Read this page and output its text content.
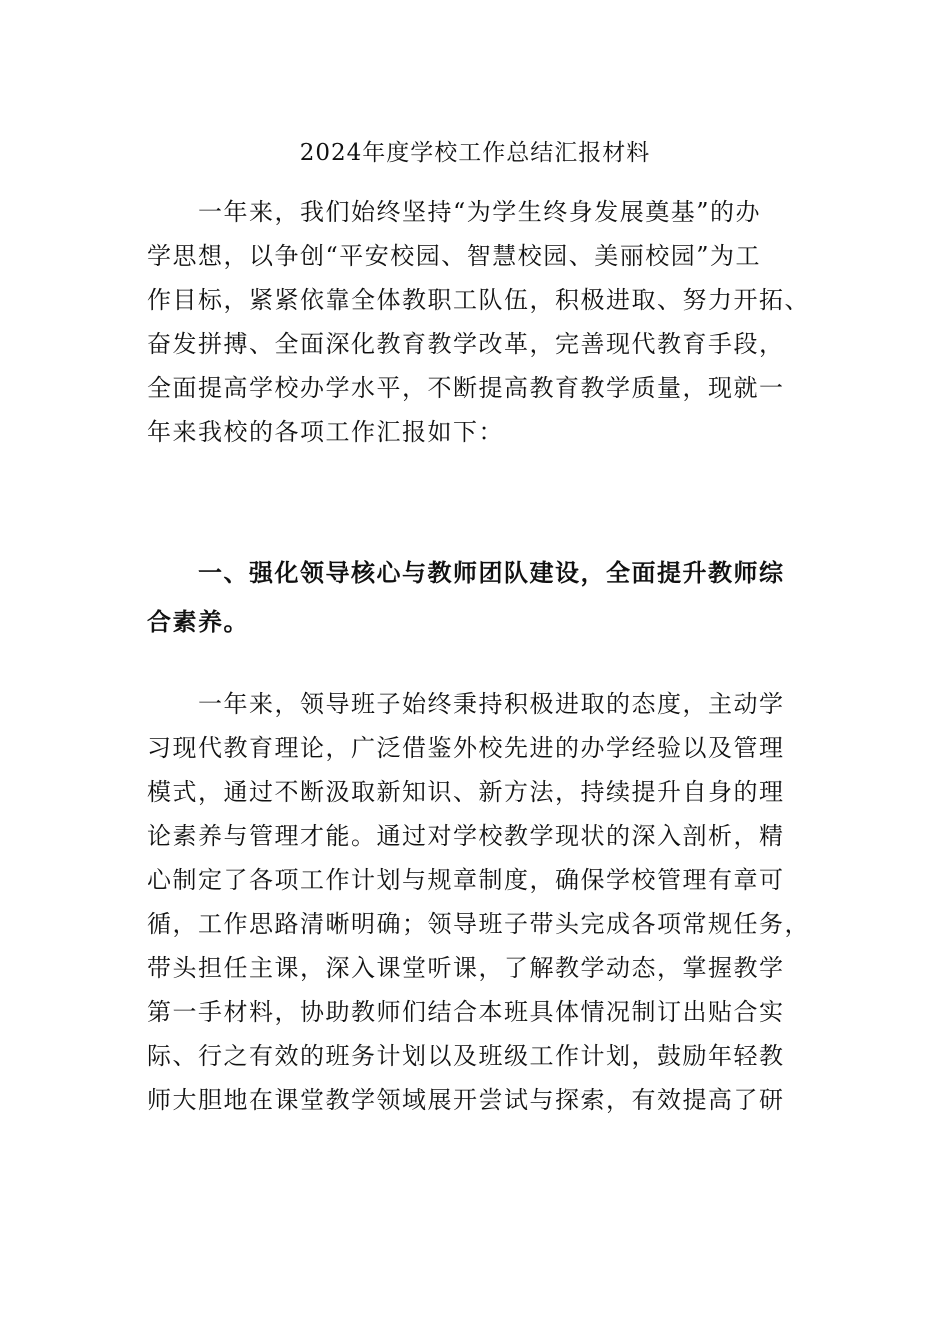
2024年度学校工作总结汇报材料

一年来，我们始终坚持“为学生终身发展奠基”的办
学思想，以争创“平安校园、智慧校园、美丽校园”为工
作目标，紧紧依靠全体教职工队伍，积极进取、努力开拓、
奋发拼搏、全面深化教育教学改革，完善现代教育手段，
全面提高学校办学水平，不断提高教育教学质量，现就一
年来我校的各项工作汇报如下：

一、强化领导核心与教师团队建设，全面提升教师综
合素养。

一年来，领导班子始终秉持积极进取的态度，主动学
习现代教育理论，广泛借鉴外校先进的办学经验以及管理
模式，通过不断汲取新知识、新方法，持续提升自身的理
论素养与管理才能。通过对学校教学现状的深入剖析，精
心制定了各项工作计划与规章制度，确保学校管理有章可
循，工作思路清晰明确；领导班子带头完成各项常规任务，
带头担任主课，深入课堂听课，了解教学动态，掌握教学
第一手材料，协助教师们结合本班具体情况制订出贴合实
际、行之有效的班务计划以及班级工作计划，鼓励年轻教
师大胆地在课堂教学领域展开尝试与探索，有效提高了研
